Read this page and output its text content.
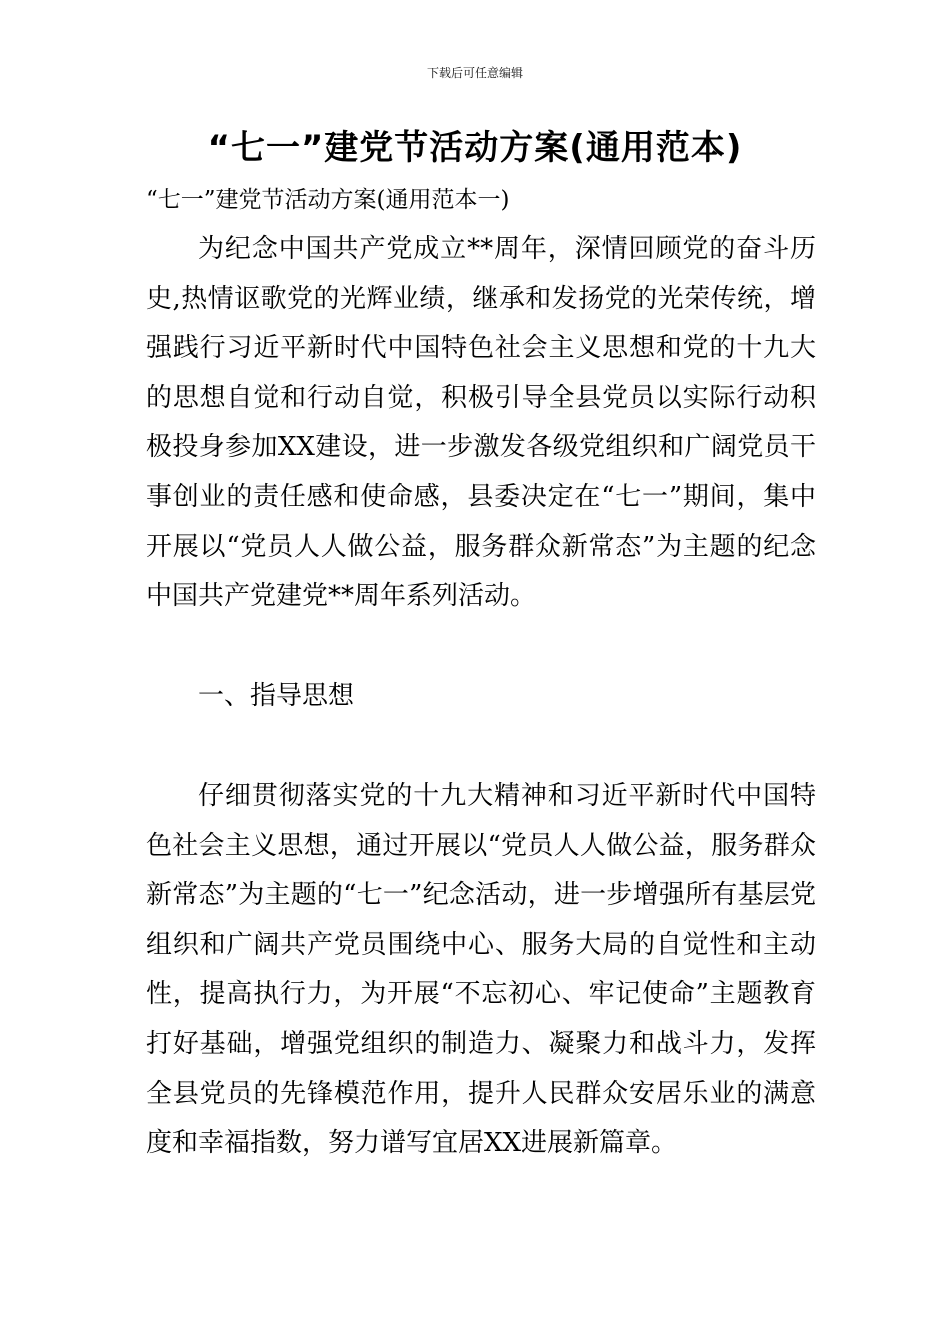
下载后可任意编辑
“七一”建党节活动方案(通用范本)

“七一”建党节活动方案(通用范本一)

为纪念中国共产党成立**周年，深情回顾党的奋斗历史,热情讴歌党的光辉业绩，继承和发扬党的光荣传统，增强践行习近平新时代中国特色社会主义思想和党的十九大的思想自觉和行动自觉，积极引导全县党员以实际行动积极投身参加XX建设，进一步激发各级党组织和广阔党员干事创业的责任感和使命感，县委决定在“七一”期间，集中开展以“党员人人做公益，服务群众新常态”为主题的纪念中国共产党建党**周年系列活动。

一、指导思想

仔细贯彻落实党的十九大精神和习近平新时代中国特色社会主义思想，通过开展以“党员人人做公益，服务群众新常态”为主题的“七一”纪念活动，进一步增强所有基层党组织和广阔共产党员围绕中心、服务大局的自觉性和主动性，提高执行力，为开展“不忘初心、牢记使命”主题教育打好基础，增强党组织的制造力、凝聚力和战斗力，发挥全县党员的先锋模范作用，提升人民群众安居乐业的满意度和幸福指数，努力谱写宜居XX进展新篇章。
